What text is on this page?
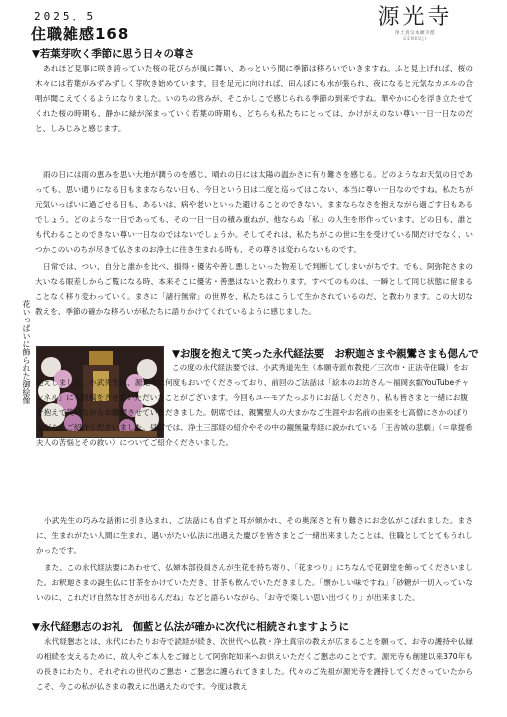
2025．5
住職雑感168
源光寺
浄土真宗本願寺派
GENKOJI
▼若葉芽吹く季節に思う日々の尊さ
あれほど見事に咲き誇っていた桜の花びらが風に舞い、あっという間に季節は移ろいでいきますね。ふと見上げれば、桜の木々には若葉がみずみずしく芽吹き始めています。目を足元に向ければ、田んぼにも水が張られ、夜になると元気なカエルの合唱が聞こえてくるようになりました。いのちの営みが、そこかしこで感じられる季節の到来ですね。華やかに心を浮き立たせてくれた桜の時期も、静かに緑が深まっていく若葉の時期も、どちらも私たちにとっては、かけがえのない尊い一日一日なのだと、しみじみと感じます。
雨の日には雨の恵みを思い大地が潤うのを感じ、晴れの日には太陽の温かさに有り難さを感じる。どのようなお天気の日であっても、思い通りになる日もままならない日も、今日という日は二度と巡ってはこない、本当に尊い一日なのですね。私たちが元気いっぱいに過ごせる日も、あるいは、病や老いといった避けることのできない、ままならなさを抱えながら過ごす日もあるでしょう。どのような一日であっても、その一日一日の積み重ねが、他ならぬ「私」の人生を形作っています。どの日も、誰とも代わることのできない尊い一日なのではないでしょうか。そしてそれは、私たちがこの世に生を受けている間だけでなく、いつかこのいのちが尽きて仏さまのお浄土に往き生まれる時も、その尊さは変わらないものです。
日常では、つい、自分と誰かを比べ、損得・優劣や善し悪しといった物差しで判断してしまいがちです。でも、阿弥陀さまの大いなる眼差しからご覧になる時、本来そこに優劣・善悪はないと教わります。すべてのものは、一瞬として同じ状態に留まることなく移り変わっていく。まさに「諸行無常」の世界を、私たちはこうして生かされているのだ、と教わります。この大切な教えを、季節の確かな移ろいが私たちに語りかけてくれているように感じました。
花いっぱいに飾られた御絵像	▼お腹を抱えて笑った永代経法要　お釈迦さまや親鸞さまも偲んで
この度の永代経法要では、小武秀道先生（本願寺派布教使／三次市・正法寺住職）をお迎えしました。小武先生は、源光寺に何度もおいでくださっており、前回のご法話は「絵本のお坊さん～福岡玄叡YouTubeチャンネル」にも投稿をさせていただいたことがございます。今回もユーモアたっぷりにお話しくださり、私も皆さまと一緒にお腹を抱えて笑いながらお聴聞させていただきました。朝席では、親鸞聖人の大まかなご生涯やお名前の由来を七高僧にさかのぼりながら、ご紹介くださいました。昼席では、浄土三部経の紹介やその中の観無量寿経に説かれている「王舎城の悲劇」（＝韋提希夫人の苦悩とその救い）についてご紹介くださいました。
小武先生の巧みな話術に引き込まれ、ご法話にも自ずと耳が傾かれ、その奥深さと有り難さにお念仏がこぼれました。まさに、生まれがたい人間に生まれ、遇いがたい仏法に出遇えた慶びを皆さまとご一緒出来ましたことは、住職としてとてもうれしかったです。
また、この永代経法要にあわせて、仏婦本部役員さんが生花を持ち寄り、「花まつり」にちなんで花御堂を飾ってくださいました。お釈迦さまの誕生仏に甘茶をかけていただき、甘茶も飲んでいただきました。「懐かしい味ですね」「砂糖が一切入っていないのに、これだけ自然な甘さが出るんだね」などと語らいながら、「お寺で楽しい思い出づくり」が出来ました。
▼永代経懇志のお礼　伽藍と仏法が確かに次代に相続されますように
永代経懇志とは、永代にわたりお寺で読経が続き、次世代へ仏教・浄土真宗の教えが広まることを願って、お寺の護持や仏縁の相続を支えるために、故人やご本人をご縁として阿弥陀如来へお供えいただくご懇志のことです。源光寺も創建以来370年もの長きにわたり、それぞれの世代のご懇志・ご懇念に護られてきました。代々のご先祖が源光寺を護持してくださっていたからこそ、今この私が仏さまの教えに出遇えたのです。今度は教え
